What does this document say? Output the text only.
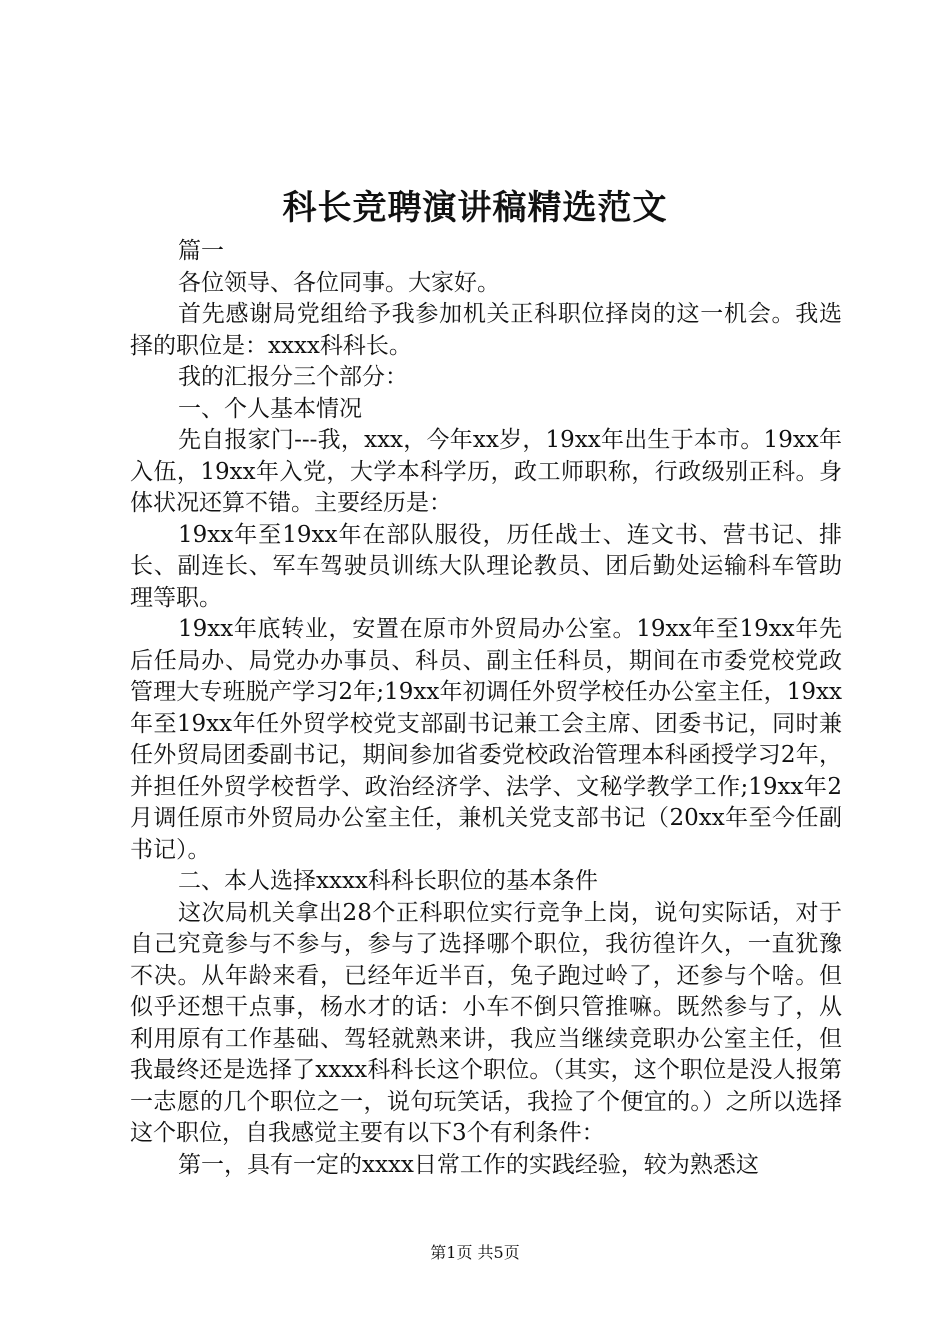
科长竞聘演讲稿精选范文

篇一

各位领导、各位同事。大家好。

首先感谢局党组给予我参加机关正科职位择岗的这一机会。我选择的职位是：xxxx科科长。

我的汇报分三个部分：

一、个人基本情况

先自报家门---我，xxx，今年xx岁，19xx年出生于本市。19xx年入伍，19xx年入党，大学本科学历，政工师职称，行政级别正科。身体状况还算不错。主要经历是：

19xx年至19xx年在部队服役，历任战士、连文书、营书记、排长、副连长、军车驾驶员训练大队理论教员、团后勤处运输科车管助理等职。

19xx年底转业，安置在原市外贸局办公室。19xx年至19xx年先后任局办、局党办办事员、科员、副主任科员，期间在市委党校党政管理大专班脱产学习2年;19xx年初调任外贸学校任办公室主任，19xx年至19xx年任外贸学校党支部副书记兼工会主席、团委书记，同时兼任外贸局团委副书记，期间参加省委党校政治管理本科函授学习2年，并担任外贸学校哲学、政治经济学、法学、文秘学教学工作;19xx年2月调任原市外贸局办公室主任，兼机关党支部书记（20xx年至今任副书记）。

二、本人选择xxxx科科长职位的基本条件

这次局机关拿出28个正科职位实行竞争上岗，说句实际话，对于自己究竟参与不参与，参与了选择哪个职位，我彷徨许久，一直犹豫不决。从年龄来看，已经年近半百，兔子跑过岭了，还参与个啥。但似乎还想干点事，杨水才的话：小车不倒只管推嘛。既然参与了，从利用原有工作基础、驾轻就熟来讲，我应当继续竞职办公室主任，但我最终还是选择了xxxx科科长这个职位。（其实，这个职位是没人报第一志愿的几个职位之一，说句玩笑话，我捡了个便宜的。）之所以选择这个职位，自我感觉主要有以下3个有利条件：

第一，具有一定的xxxx日常工作的实践经验，较为熟悉这

第1页 共5页
